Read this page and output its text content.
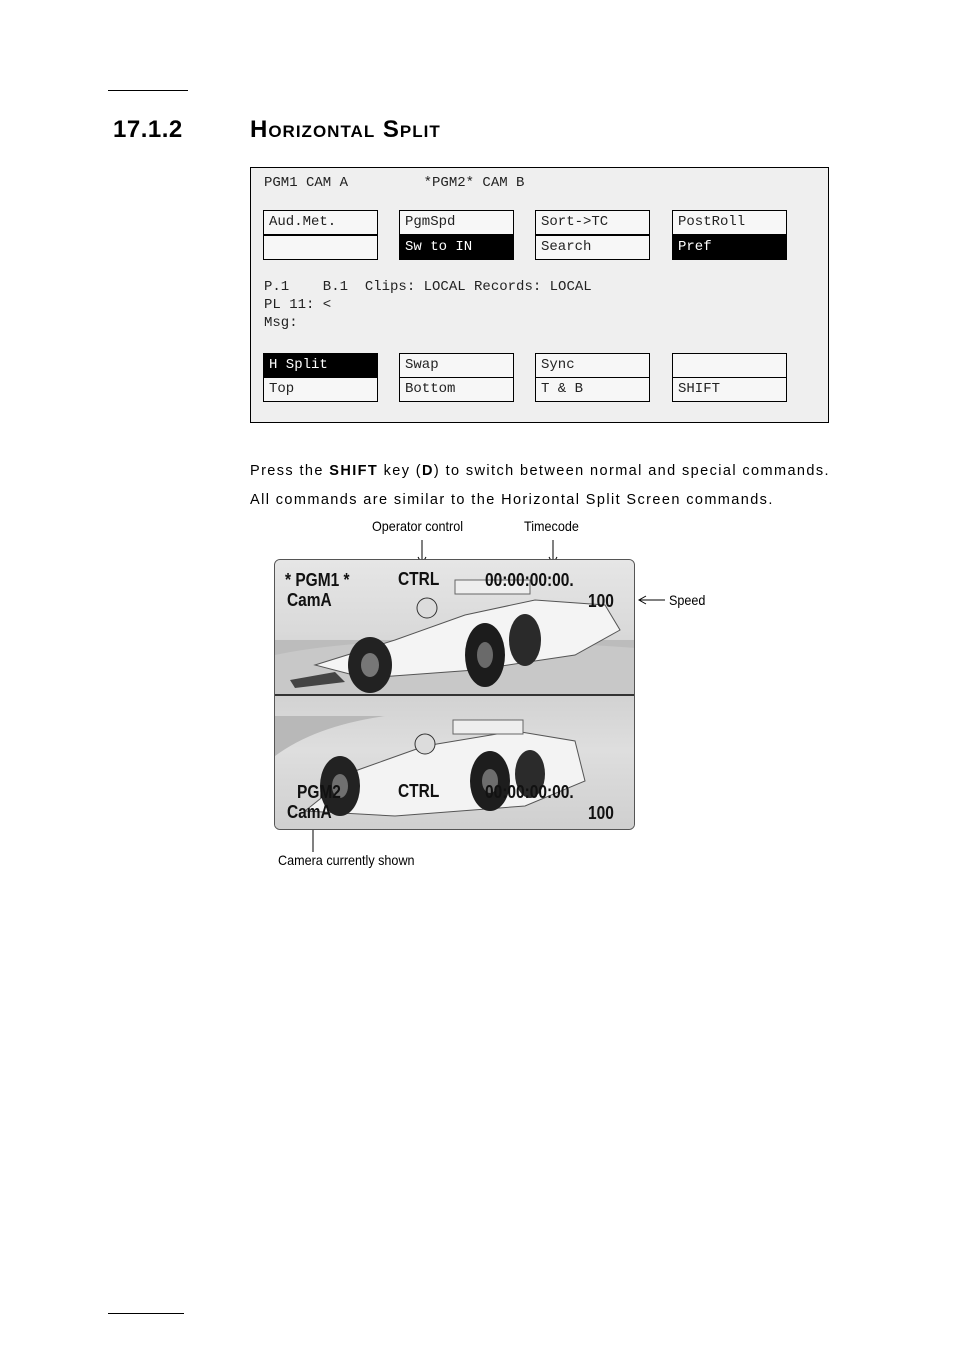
17.1.2	Horizontal Split
PGM1 CAM A         *PGM2* CAM B
Aud.Met.	PgmSpd
Sw to IN
Sort->TC
Search
PostRoll
Pref
P.1    B.1  Clips: LOCAL Records: LOCAL
PL 11: <
Msg:
H Split
Top
Swap
Bottom
Sync
T & B	SHIFT

Press the SHIFT key (D) to switch between normal and special commands.

All commands are similar to the Horizontal Split Screen commands.

Operator control	Timecode
Speed
Camera currently shown
* PGM1 *
CamA
CTRL	00:00:00:00.
100
PGM2
CamA
CTRL	00:00:00:00.
100
